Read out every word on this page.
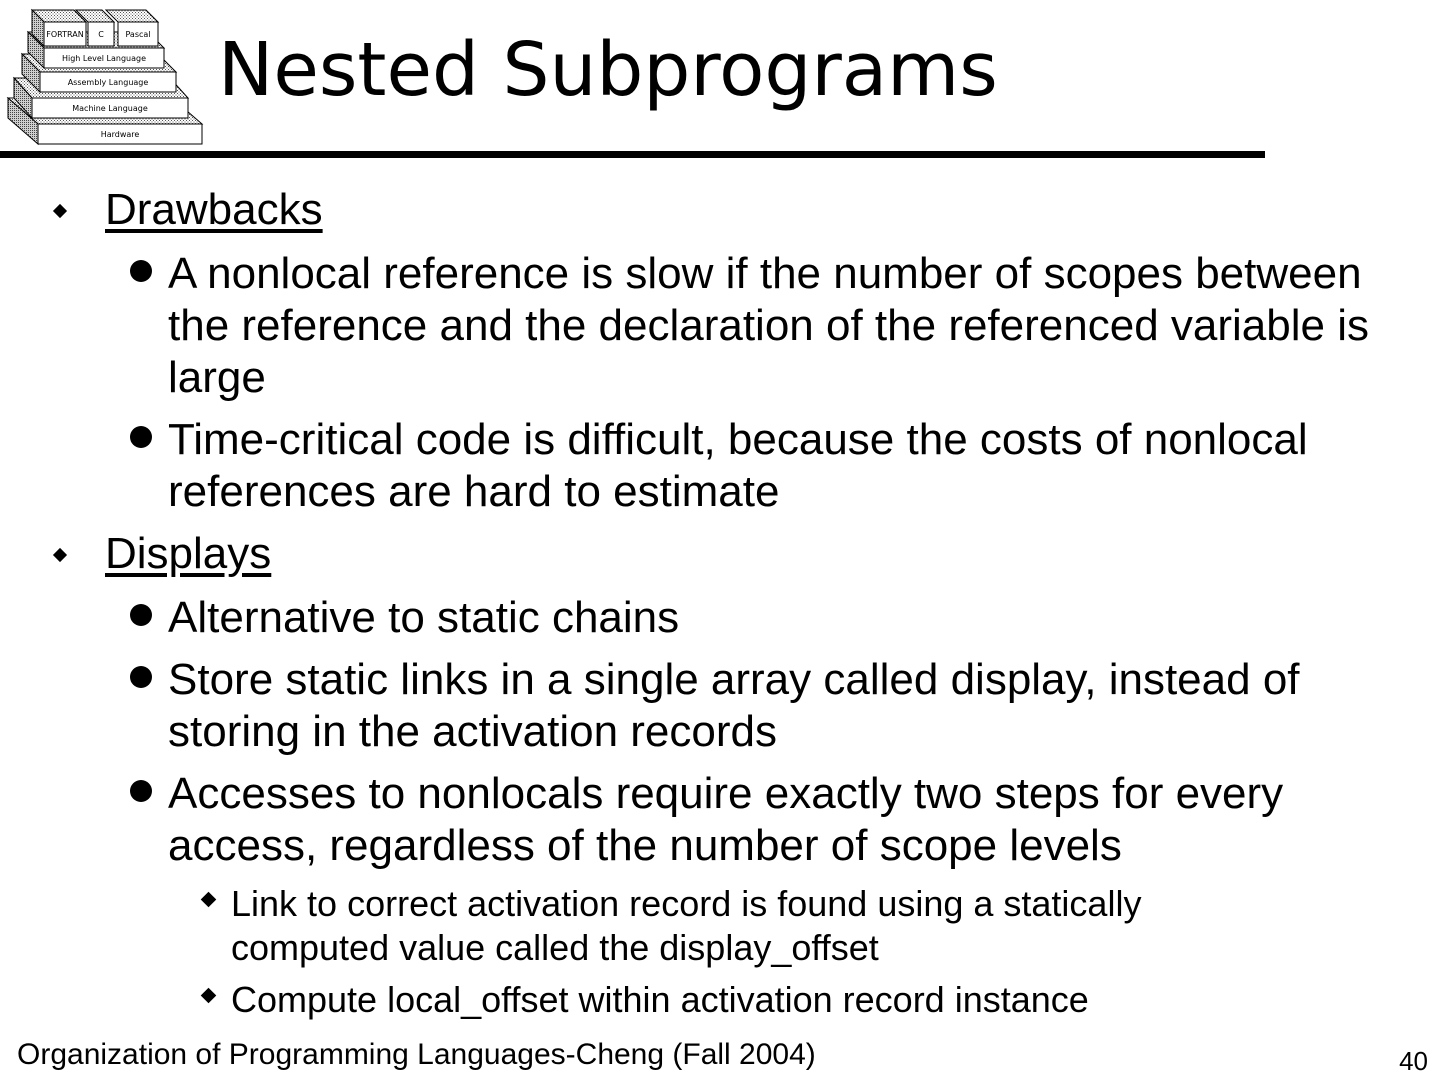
FORTRAN C	Pascal
High Level Language
Assembly Language
Machine Language
Hardware
Nested Subprograms
Drawbacks
A nonlocal reference is slow if the number of scopes between the reference and the declaration of the referenced variable is large
Time-critical code is difficult, because the costs of nonlocal references are hard to estimate
Displays
Alternative to static chains
Store static links in a single array called display, instead of storing in the activation records
Accesses to nonlocals require exactly two steps for every access, regardless of the number of scope levels
Link to correct activation record is found using a statically computed value called the display_offset
Compute local_offset within activation record instance
Organization of Programming Languages-Cheng (Fall 2004)	40
